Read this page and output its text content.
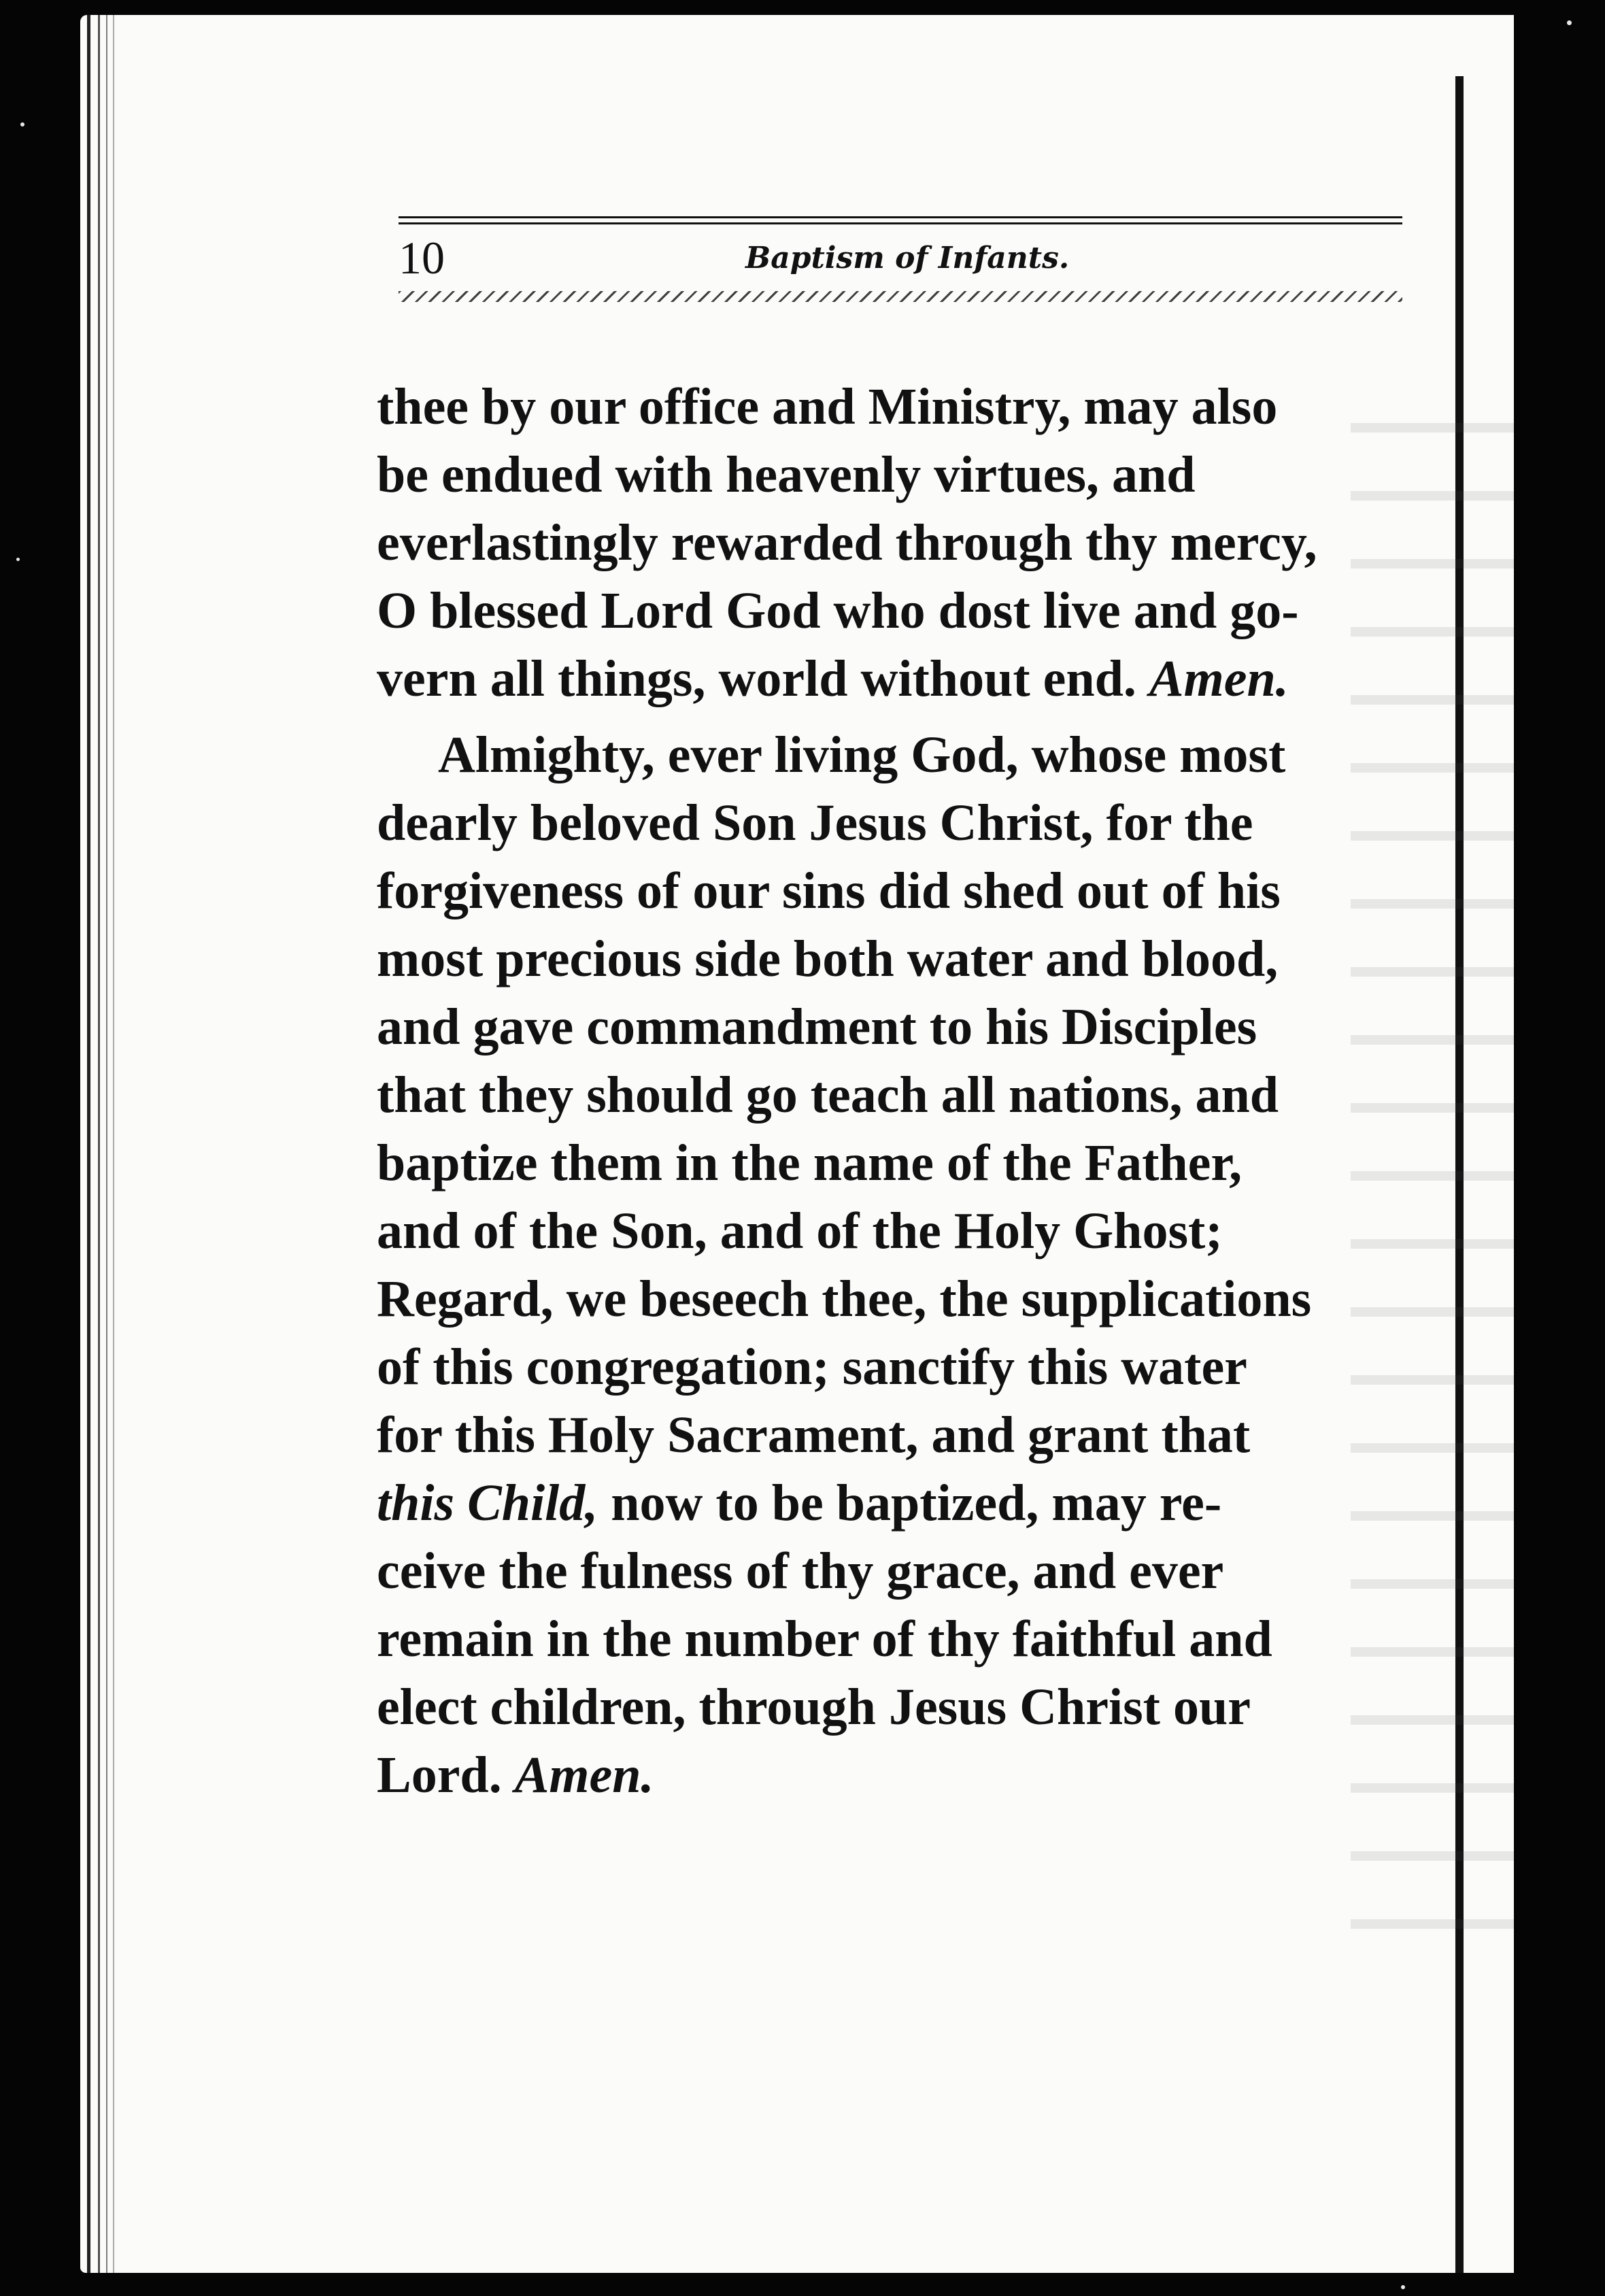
10	Baptism of Infants.
thee by our office and Ministry, may also
be endued with heavenly virtues, and
everlastingly rewarded through thy mercy,
O blessed Lord God who dost live and go-
vern all things, world without end. Amen.
Almighty, ever living God, whose most
dearly beloved Son Jesus Christ, for the
forgiveness of our sins did shed out of his
most precious side both water and blood,
and gave commandment to his Disciples
that they should go teach all nations, and
baptize them in the name of the Father,
and of the Son, and of the Holy Ghost;
Regard, we beseech thee, the supplications
of this congregation; sanctify this water
for this Holy Sacrament, and grant that
this Child, now to be baptized, may re-
ceive the fulness of thy grace, and ever
remain in the number of thy faithful and
elect children, through Jesus Christ our
Lord. Amen.
